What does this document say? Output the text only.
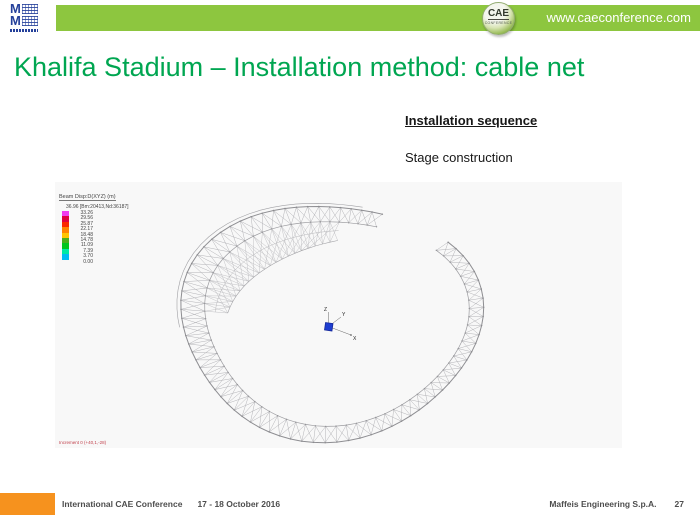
M
M	www.caeconference.com
CAE
CONFERENCE
Khalifa Stadium – Installation method: cable net
Installation sequence
Stage construction
Z
Y
X
Beam Disp:D(XYZ) (m)
36.96 [Bm:20413,Nd:36187]
33.26
29.56
25.87
22.17
18.48
14.78
11.09
7.39
3.70
0.00
Increment 0 (+40,1,-28)
International CAE Conference 17 - 18 October 2016	Maffeis Engineering S.p.A. 27
